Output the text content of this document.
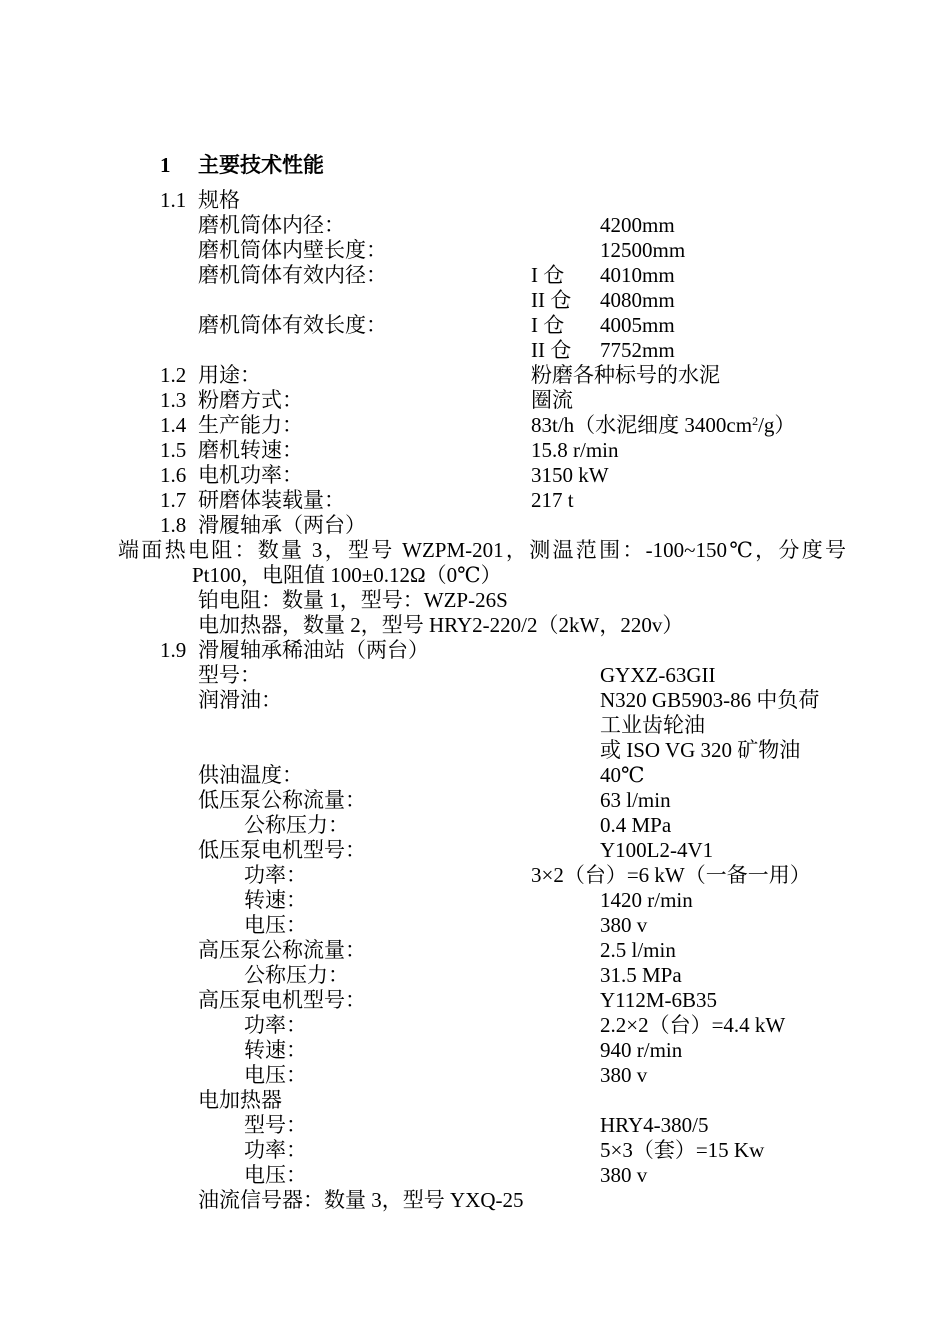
1 主要技术性能
1.1 规格
磨机筒体内径：	4200mm
磨机筒体内壁长度：	12500mm
磨机筒体有效内径：	I 仓 4010mm
II 仓 4080mm
磨机筒体有效长度：	I 仓 4005mm
II 仓 7752mm
1.2 用途：	粉磨各种标号的水泥
1.3 粉磨方式：	圈流
1.4 生产能力：	83t/h（水泥细度 $3400cm^2/g$）
1.5 磨机转速：	15.8 r/min
1.6 电机功率：	3150 kW
1.7 研磨体装载量：	217 t
1.8 滑履轴承（两台）
端面热电阻：数量 3，型号 WZPM-201，测温范围：-100~150℃，分度号
Pt100，电阻值 100±0.12Ω（0℃）
铂电阻：数量 1，型号：WZP-26S
电加热器，数量 2，型号 HRY2-220/2（2kW，220v）
1.9 滑履轴承稀油站（两台）
型号：	GYXZ-63GII
润滑油：	N320 GB5903-86 中负荷
工业齿轮油
或 ISO VG 320 矿物油
供油温度：	40℃
低压泵公称流量：	63 l/min
公称压力：	0.4 MPa
低压泵电机型号：	Y100L2-4V1
功率：	3×2（台）=6 kW（一备一用）
转速：	1420 r/min
电压：	380 v
高压泵公称流量：	2.5 l/min
公称压力：	31.5 MPa
高压泵电机型号：	Y112M-6B35
功率：	2.2×2（台）=4.4 kW
转速：	940 r/min
电压：	380 v
电加热器
型号：	HRY4-380/5
功率：	5×3（套）=15 Kw
电压：	380 v
油流信号器：数量 3，型号 YXQ-25
